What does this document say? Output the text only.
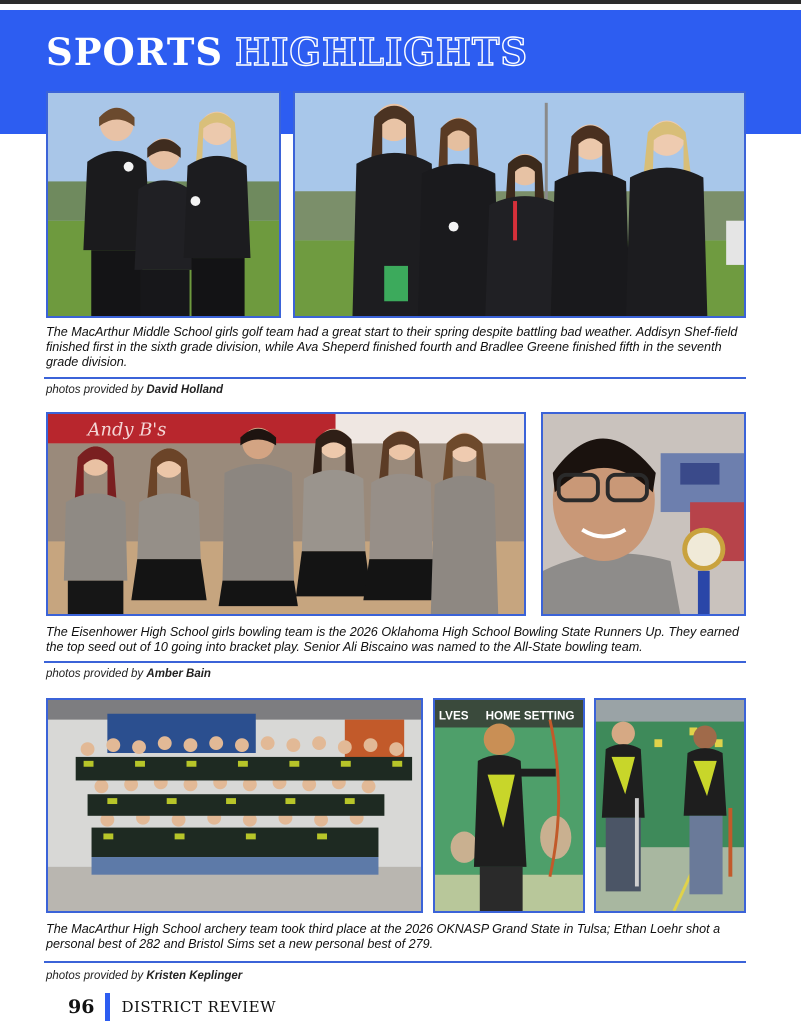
SPORTS HIGHLIGHTS

The MacArthur Middle School girls golf team had a great start to their spring despite battling bad weather. Addisyn Shef-field finished first in the sixth grade division, while Ava Sheperd finished fourth and Bradlee Greene finished fifth in the seventh grade division.

photos provided by David Holland

Andy B's

The Eisenhower High School girls bowling team is the 2026 Oklahoma High School Bowling State Runners Up. They earned the top seed out of 10 going into bracket play. Senior Ali Biscaino was named to the All-State bowling team.

photos provided by Amber Bain

LVES HOME SETTING

The MacArthur High School archery team took third place at the 2026 OKNASP Grand State in Tulsa; Ethan Loehr shot a personal best of 282 and Bristol Sims set a new personal best of 279.

photos provided by Kristen Keplinger

96 DISTRICT REVIEW
